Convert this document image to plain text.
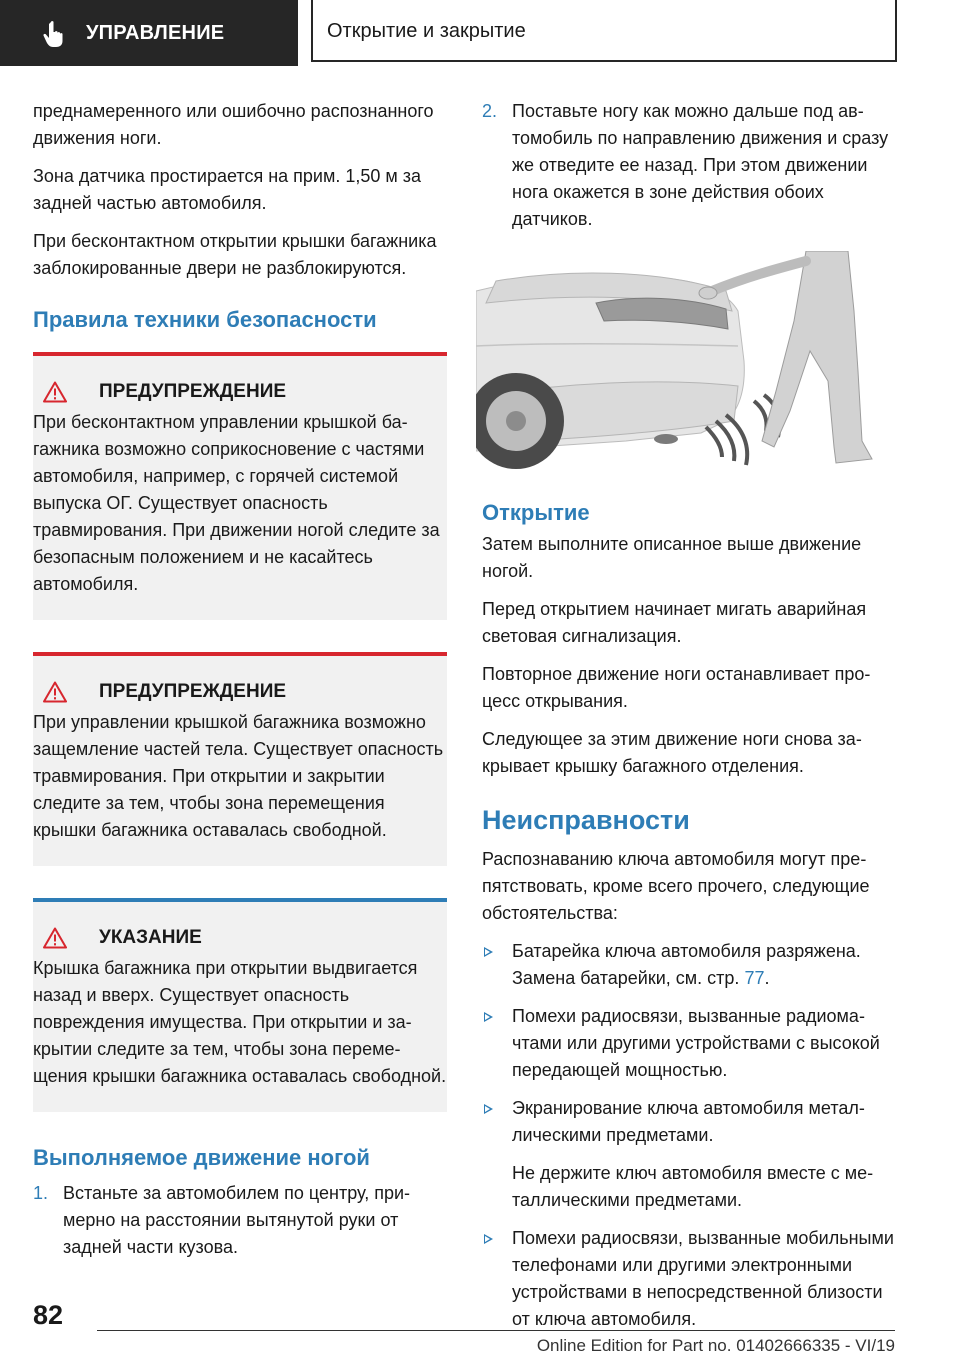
УПРАВЛЕНИЕ	Открытие и закрытие

преднамеренного или ошибочно распознанного движения ноги.

Зона датчика простирается на прим. 1,50 м за задней частью автомобиля.

При бесконтактном открытии крышки багажника заблокированные двери не разблокируются.

Правила техники безопасности
ПРЕДУПРЕЖДЕНИЕ

При бесконтактном управлении крышкой багажника возможно соприкосновение с частями автомобиля, например, с горячей системой выпуска ОГ. Существует опасность травмирования. При движении ногой следите за безопасным положением и не касайтесь автомобиля.

ПРЕДУПРЕЖДЕНИЕ

При управлении крышкой багажника возможно защемление частей тела. Существует опасность травмирования. При открытии и закрытии следите за тем, чтобы зона перемещения крышки багажника оставалась свободной.

УКАЗАНИЕ

Крышка багажника при открытии выдвигается назад и вверх. Существует опасность повреждения имущества. При открытии и закрытии следите за тем, чтобы зона перемещения крышки багажника оставалась свободной.

Выполняемое движение ногой
1. Встаньте за автомобилем по центру, примерно на расстоянии вытянутой руки от задней части кузова.
2. Поставьте ногу как можно дальше под автомобиль по направлению движения и сразу же отведите ее назад. При этом движении нога окажется в зоне действия обоих датчиков.
Открытие

Затем выполните описанное выше движение ногой.

Перед открытием начинает мигать аварийная световая сигнализация.

Повторное движение ноги останавливает процесс открывания.

Следующее за этим движение ноги снова закрывает крышку багажного отделения.

Неисправности

Распознаванию ключа автомобиля могут препятствовать, кроме всего прочего, следующие обстоятельства:

Батарейка ключа автомобиля разряжена. Замена батарейки, см. стр. 77.
Помехи радиосвязи, вызванные радиомачтами или другими устройствами с высокой передающей мощностью.
Экранирование ключа автомобиля металлическими предметами.

Не держите ключ автомобиля вместе с металлическими предметами.

Помехи радиосвязи, вызванные мобильными телефонами или другими электронными устройствами в непосредственной близости от ключа автомобиля.
82
Online Edition for Part no. 01402666335 - VI/19
